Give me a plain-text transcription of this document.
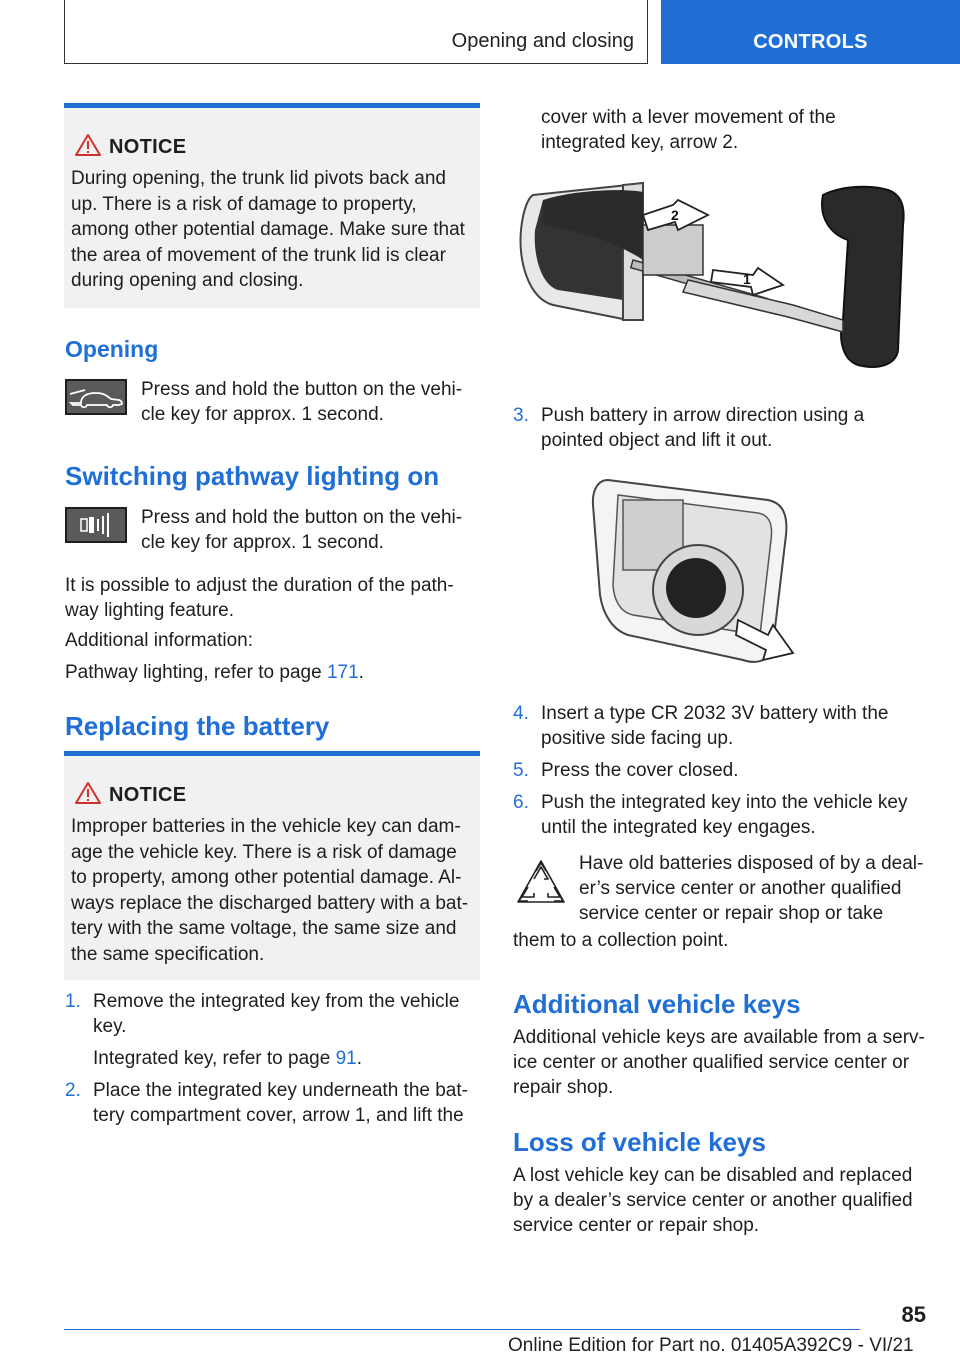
Opening and closing	CONTROLS
NOTICE
During opening, the trunk lid pivots back and up. There is a risk of damage to property, among other potential damage. Make sure that the area of movement of the trunk lid is clear during opening and closing.
Opening

Press and hold the button on the vehi‐cle key for approx. 1 second.

Switching pathway lighting on

Press and hold the button on the vehi‐cle key for approx. 1 second.

It is possible to adjust the duration of the path‐way lighting feature.

Additional information:

Pathway lighting, refer to page 171.

Replacing the battery
NOTICE
Improper batteries in the vehicle key can dam‐age the vehicle key. There is a risk of damage to property, among other potential damage. Al‐ways replace the discharged battery with a bat‐tery with the same voltage, the same size and the same specification.
1. Remove the integrated key from the vehicle key.

Integrated key, refer to page 91.

2. Place the integrated key underneath the bat‐tery compartment cover, arrow 1, and lift the

cover with a lever movement of the integrated key, arrow 2.

2
1
3. Push battery in arrow direction using a pointed object and lift it out.

4. Insert a type CR 2032 3V battery with the positive side facing up.

5. Press the cover closed.

6. Push the integrated key into the vehicle key until the integrated key engages.

Have old batteries disposed of by a deal‐er’s service center or another qualified service center or repair shop or take

them to a collection point.

Additional vehicle keys

Additional vehicle keys are available from a serv‐ice center or another qualified service center or repair shop.

Loss of vehicle keys

A lost vehicle key can be disabled and replaced by a dealer’s service center or another qualified service center or repair shop.

85
Online Edition for Part no. 01405A392C9 - VI/21
